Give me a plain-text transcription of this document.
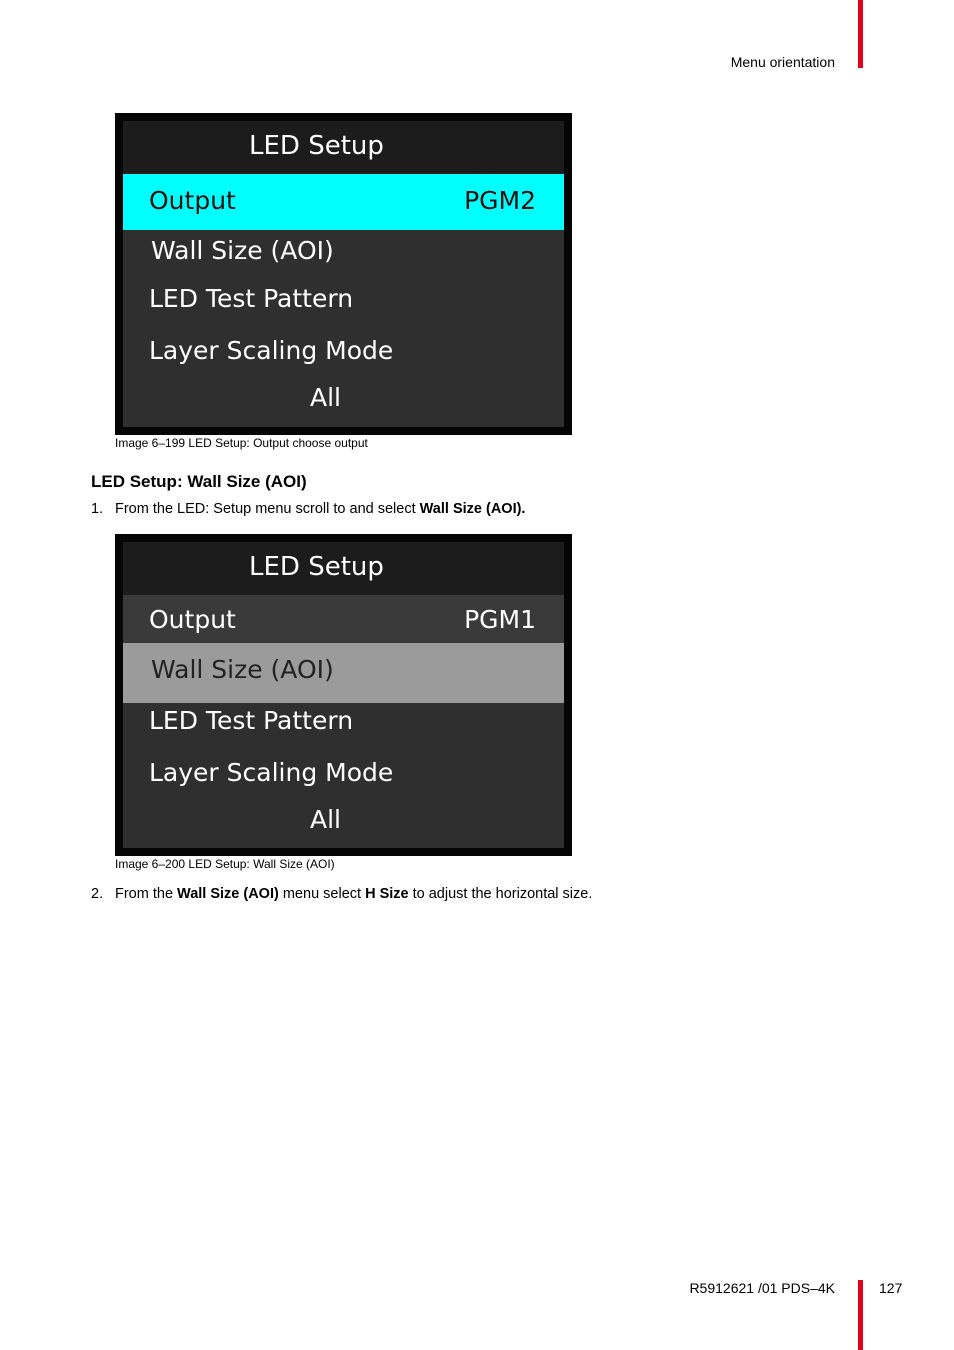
Menu orientation
LED Setup
Output	PGM2
Wall Size (AOI)
LED Test Pattern
Layer Scaling Mode
All
Image 6–199 LED Setup: Output choose output
LED Setup: Wall Size (AOI)
1. From the LED: Setup menu scroll to and select Wall Size (AOI).
LED Setup
Output	PGM1
Wall Size (AOI)
LED Test Pattern
Layer Scaling Mode
All
Image 6–200 LED Setup: Wall Size (AOI)
2. From the Wall Size (AOI) menu select H Size to adjust the horizontal size.
R5912621 /01 PDS–4K	127
